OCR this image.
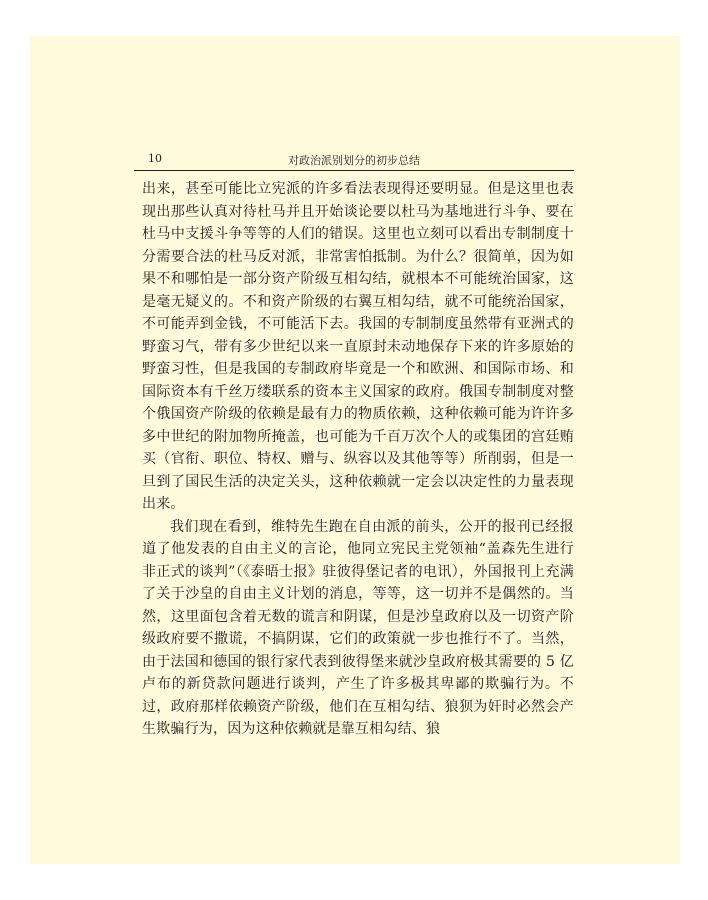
10	对政治派别划分的初步总结

出来，甚至可能比立宪派的许多看法表现得还要明显。但是这里也表现出那些认真对待杜马并且开始谈论要以杜马为基地进行斗争、要在杜马中支援斗争等等的人们的错误。这里也立刻可以看出专制制度十分需要合法的杜马反对派，非常害怕抵制。为什么？很简单，因为如果不和哪怕是一部分资产阶级互相勾结，就根本不可能统治国家，这是毫无疑义的。不和资产阶级的右翼互相勾结，就不可能统治国家，不可能弄到金钱，不可能活下去。我国的专制制度虽然带有亚洲式的野蛮习气，带有多少世纪以来一直原封未动地保存下来的许多原始的野蛮习性，但是我国的专制政府毕竟是一个和欧洲、和国际市场、和国际资本有千丝万缕联系的资本主义国家的政府。俄国专制制度对整个俄国资产阶级的依赖是最有力的物质依赖，这种依赖可能为许许多多中世纪的附加物所掩盖，也可能为千百万次个人的或集团的宫廷贿买（官衔、职位、特权、赠与、纵容以及其他等等）所削弱，但是一旦到了国民生活的决定关头，这种依赖就一定会以决定性的力量表现出来。

我们现在看到，维特先生跑在自由派的前头，公开的报刊已经报道了他发表的自由主义的言论，他同立宪民主党领袖“盖森先生进行非正式的谈判”（《泰晤士报》驻彼得堡记者的电讯），外国报刊上充满了关于沙皇的自由主义计划的消息，等等，这一切并不是偶然的。当然，这里面包含着无数的谎言和阴谋，但是沙皇政府以及一切资产阶级政府要不撒谎，不搞阴谋，它们的政策就一步也推行不了。当然，由于法国和德国的银行家代表到彼得堡来就沙皇政府极其需要的 5 亿卢布的新贷款问题进行谈判，产生了许多极其卑鄙的欺骗行为。不过，政府那样依赖资产阶级，他们在互相勾结、狼狈为奸时必然会产生欺骗行为，因为这种依赖就是靠互相勾结、狼
